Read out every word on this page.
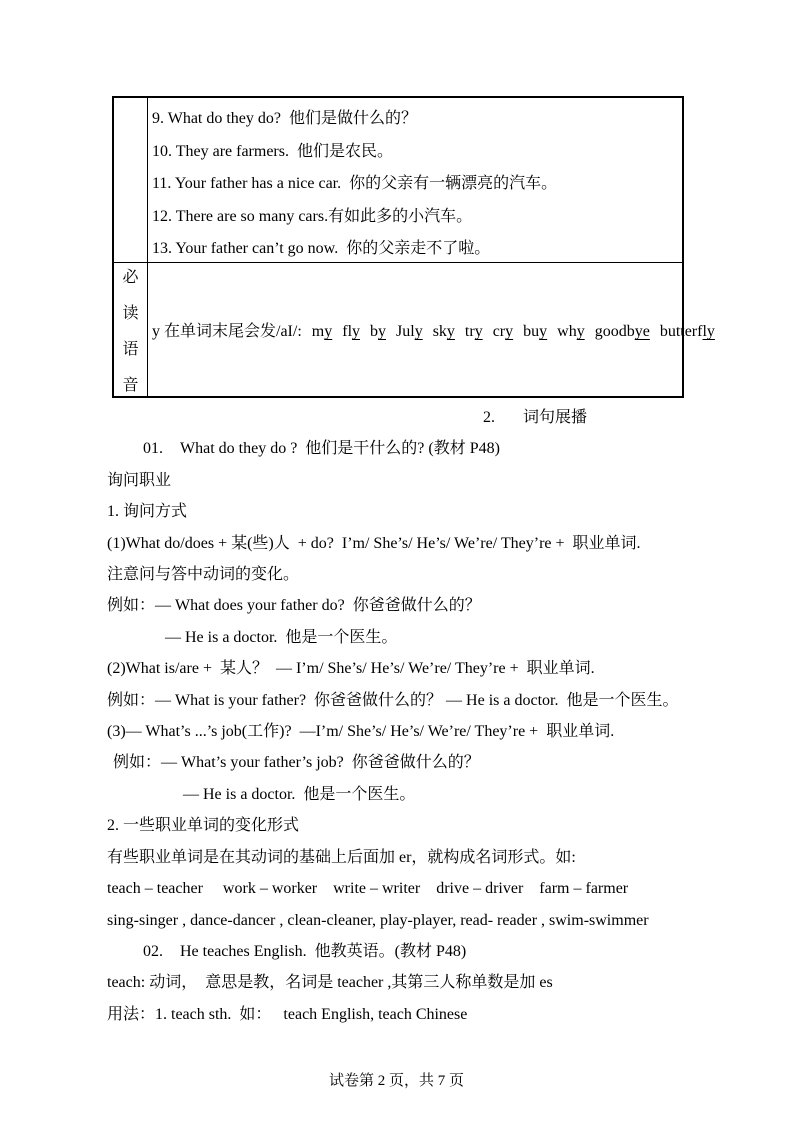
9. What do they do?  他们是做什么的？

10. They are farmers.  他们是农民。

11. Your father has a nice car.  你的父亲有一辆漂亮的汽车。

12. There are so many cars.有如此多的小汽车。

13. Your father can’t go now.  你的父亲走不了啦。

必
读
语
音

y 在单词末尾会发/aI/: my fly by July sky try cry buy why goodbye butterfly

2. 词句展播

01. What do they do ?  他们是干什么的? (教材 P48)

询问职业

1. 询问方式

(1)What do/does + 某(些)人  + do?  I’m/ She’s/ He’s/ We’re/ They’re +  职业单词.

注意问与答中动词的变化。

例如：— What does your father do?  你爸爸做什么的？

— He is a doctor.  他是一个医生。

(2)What is/are +  某人？  — I’m/ She’s/ He’s/ We’re/ They’re +  职业单词.

例如：— What is your father?  你爸爸做什么的？ — He is a doctor.  他是一个医生。

(3)— What’s ...’s job(工作)?  —I’m/ She’s/ He’s/ We’re/ They’re +  职业单词.

例如：— What’s your father’s job?  你爸爸做什么的？

— He is a doctor.  他是一个医生。

2. 一些职业单词的变化形式

有些职业单词是在其动词的基础上后面加 er，就构成名词形式。如:

teach – teacher     work – worker    write – writer    drive – driver    farm – farmer

sing-singer , dance-dancer , clean-cleaner, play-player, read- reader , swim-swimmer

02. He teaches English.  他教英语。(教材 P48)

teach: 动词，  意思是教，名词是 teacher ,其第三人称单数是加 es

用法：1. teach sth.  如：   teach English, teach Chinese

试卷第 2 页，共 7 页
